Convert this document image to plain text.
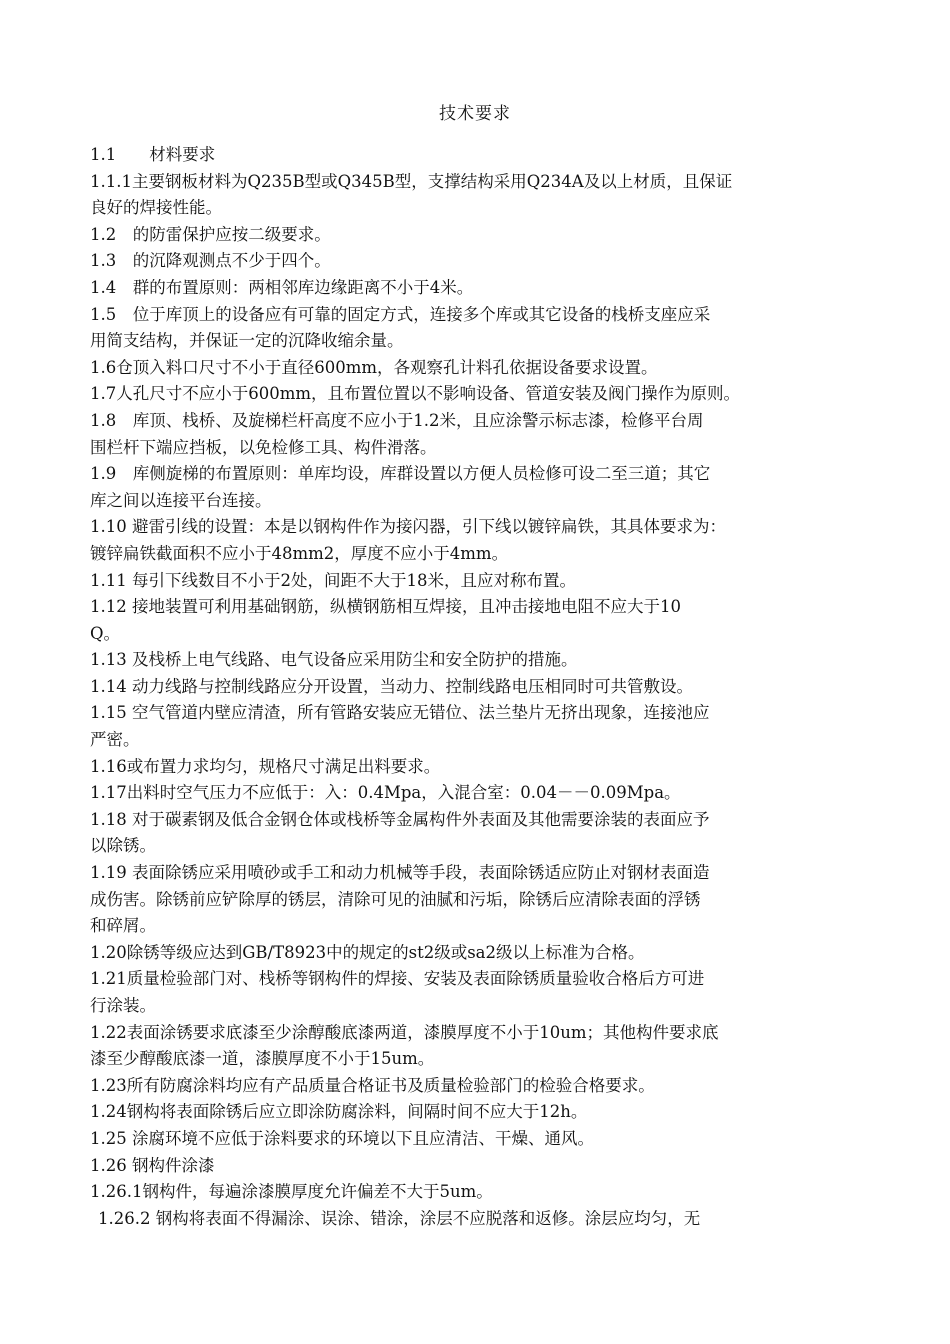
技术要求
1.1　　材料要求
1.1.1主要钢板材料为Q235B型或Q345B型，支撑结构采用Q234A及以上材质，且保证
良好的焊接性能。
1.2　的防雷保护应按二级要求。
1.3　的沉降观测点不少于四个。
1.4　群的布置原则：两相邻库边缘距离不小于4米。
1.5　位于库顶上的设备应有可靠的固定方式，连接多个库或其它设备的栈桥支座应采
用简支结构，并保证一定的沉降收缩余量。
1.6仓顶入料口尺寸不小于直径600mm，各观察孔计料孔依据设备要求设置。
1.7人孔尺寸不应小于600mm，且布置位置以不影响设备、管道安装及阀门操作为原则。
1.8　库顶、栈桥、及旋梯栏杆高度不应小于1.2米，且应涂警示标志漆，检修平台周
围栏杆下端应挡板，以免检修工具、构件滑落。
1.9　库侧旋梯的布置原则：单库均设，库群设置以方便人员检修可设二至三道；其它
库之间以连接平台连接。
1.10 避雷引线的设置：本是以钢构件作为接闪器，引下线以镀锌扁铁，其具体要求为：
镀锌扁铁截面积不应小于48mm2，厚度不应小于4mm。
1.11 每引下线数目不小于2处，间距不大于18米，且应对称布置。
1.12 接地装置可利用基础钢筋，纵横钢筋相互焊接，且冲击接地电阻不应大于10
Q。
1.13 及栈桥上电气线路、电气设备应采用防尘和安全防护的措施。
1.14 动力线路与控制线路应分开设置，当动力、控制线路电压相同时可共管敷设。
1.15 空气管道内壁应清渣，所有管路安装应无错位、法兰垫片无挤出现象，连接池应
严密。
1.16或布置力求均匀，规格尺寸满足出料要求。
1.17出料时空气压力不应低于：入：0.4Mpa，入混合室：0.04－－0.09Mpa。
1.18 对于碳素钢及低合金钢仓体或栈桥等金属构件外表面及其他需要涂装的表面应予
以除锈。
1.19 表面除锈应采用喷砂或手工和动力机械等手段，表面除锈适应防止对钢材表面造
成伤害。除锈前应铲除厚的锈层，清除可见的油腻和污垢，除锈后应清除表面的浮锈
和碎屑。
1.20除锈等级应达到GB/T8923中的规定的st2级或sa2级以上标准为合格。
1.21质量检验部门对、栈桥等钢构件的焊接、安装及表面除锈质量验收合格后方可进
行涂装。
1.22表面涂锈要求底漆至少涂醇酸底漆两道，漆膜厚度不小于10um；其他构件要求底
漆至少醇酸底漆一道，漆膜厚度不小于15um。
1.23所有防腐涂料均应有产品质量合格证书及质量检验部门的检验合格要求。
1.24钢构将表面除锈后应立即涂防腐涂料，间隔时间不应大于12h。
1.25 涂腐环境不应低于涂料要求的环境以下且应清洁、干燥、通风。
1.26 钢构件涂漆
1.26.1钢构件，每遍涂漆膜厚度允许偏差不大于5um。
1.26.2 钢构将表面不得漏涂、误涂、错涂，涂层不应脱落和返修。涂层应均匀，无
